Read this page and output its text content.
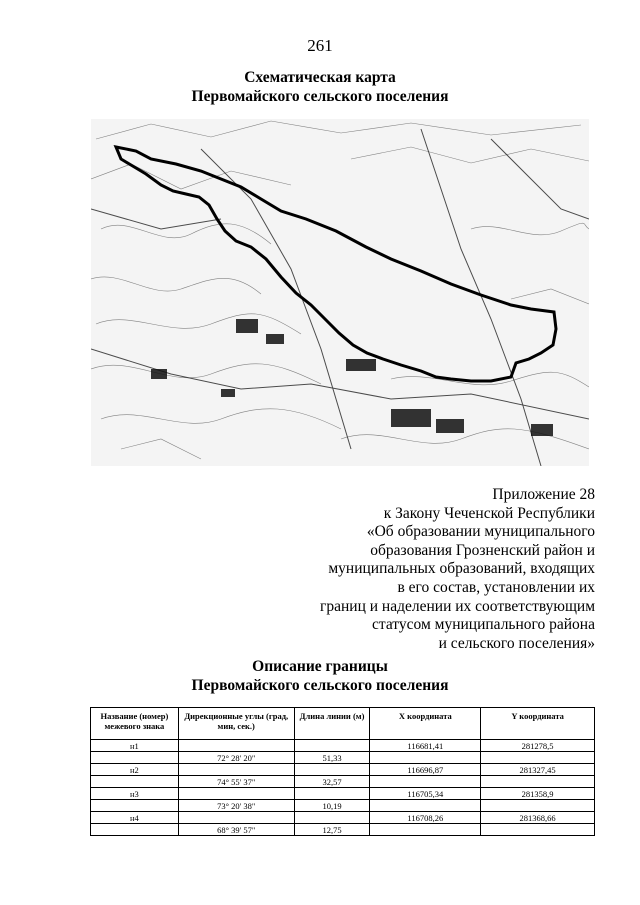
261
Схематическая карта
Первомайского сельского поселения
Приложение 28
к Закону Чеченской Республики
«Об образовании муниципального
образования Грозненский район и
муниципальных образований, входящих
в его состав, установлении их
границ и наделении их соответствующим
статусом муниципального района
и сельского поселения»
Описание границы
Первомайского сельского поселения
Название (номер) межевого знака	Дирекционные углы (град, мин, сек.)	Длина линии (м)	X координата	Y координата
н1			116681,41	281278,5
	72° 28' 20"	51,33		
н2			116696,87	281327,45
	74° 55' 37"	32,57		
н3			116705,34	281358,9
	73° 20' 38"	10,19		
н4			116708,26	281368,66
	68° 39' 57"	12,75		
